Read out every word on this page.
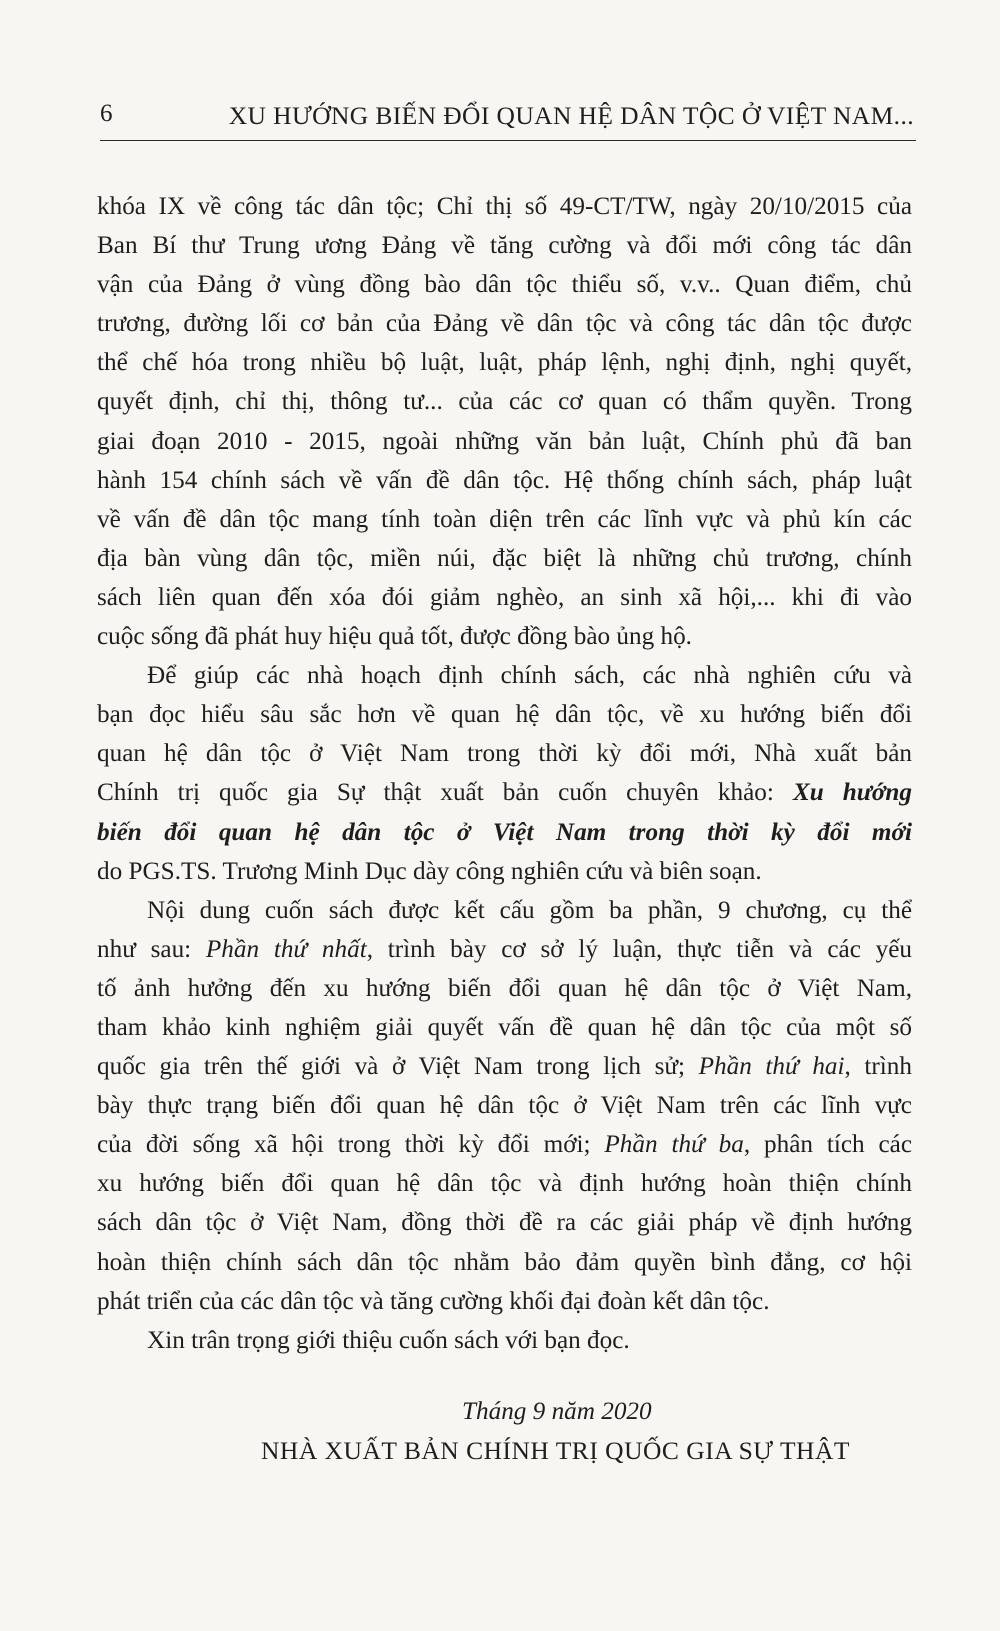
6	XU HƯỚNG BIẾN ĐỔI QUAN HỆ DÂN TỘC Ở VIỆT NAM...
khóa IX về công tác dân tộc; Chỉ thị số 49-CT/TW, ngày 20/10/2015 của
Ban Bí thư Trung ương Đảng về tăng cường và đổi mới công tác dân
vận của Đảng ở vùng đồng bào dân tộc thiểu số, v.v.. Quan điểm, chủ
trương, đường lối cơ bản của Đảng về dân tộc và công tác dân tộc được
thể chế hóa trong nhiều bộ luật, luật, pháp lệnh, nghị định, nghị quyết,
quyết định, chỉ thị, thông tư... của các cơ quan có thẩm quyền. Trong
giai đoạn 2010 - 2015, ngoài những văn bản luật, Chính phủ đã ban
hành 154 chính sách về vấn đề dân tộc. Hệ thống chính sách, pháp luật
về vấn đề dân tộc mang tính toàn diện trên các lĩnh vực và phủ kín các
địa bàn vùng dân tộc, miền núi, đặc biệt là những chủ trương, chính
sách liên quan đến xóa đói giảm nghèo, an sinh xã hội,... khi đi vào
cuộc sống đã phát huy hiệu quả tốt, được đồng bào ủng hộ.
Để giúp các nhà hoạch định chính sách, các nhà nghiên cứu và
bạn đọc hiểu sâu sắc hơn về quan hệ dân tộc, về xu hướng biến đổi
quan hệ dân tộc ở Việt Nam trong thời kỳ đổi mới, Nhà xuất bản
Chính trị quốc gia Sự thật xuất bản cuốn chuyên khảo: Xu hướng
biến đổi quan hệ dân tộc ở Việt Nam trong thời kỳ đổi mới
do PGS.TS. Trương Minh Dục dày công nghiên cứu và biên soạn.
Nội dung cuốn sách được kết cấu gồm ba phần, 9 chương, cụ thể
như sau: Phần thứ nhất, trình bày cơ sở lý luận, thực tiễn và các yếu
tố ảnh hưởng đến xu hướng biến đổi quan hệ dân tộc ở Việt Nam,
tham khảo kinh nghiệm giải quyết vấn đề quan hệ dân tộc của một số
quốc gia trên thế giới và ở Việt Nam trong lịch sử; Phần thứ hai, trình
bày thực trạng biến đổi quan hệ dân tộc ở Việt Nam trên các lĩnh vực
của đời sống xã hội trong thời kỳ đổi mới; Phần thứ ba, phân tích các
xu hướng biến đổi quan hệ dân tộc và định hướng hoàn thiện chính
sách dân tộc ở Việt Nam, đồng thời đề ra các giải pháp về định hướng
hoàn thiện chính sách dân tộc nhằm bảo đảm quyền bình đẳng, cơ hội
phát triển của các dân tộc và tăng cường khối đại đoàn kết dân tộc.
Xin trân trọng giới thiệu cuốn sách với bạn đọc.
Tháng 9 năm 2020
NHÀ XUẤT BẢN CHÍNH TRỊ QUỐC GIA SỰ THẬT
